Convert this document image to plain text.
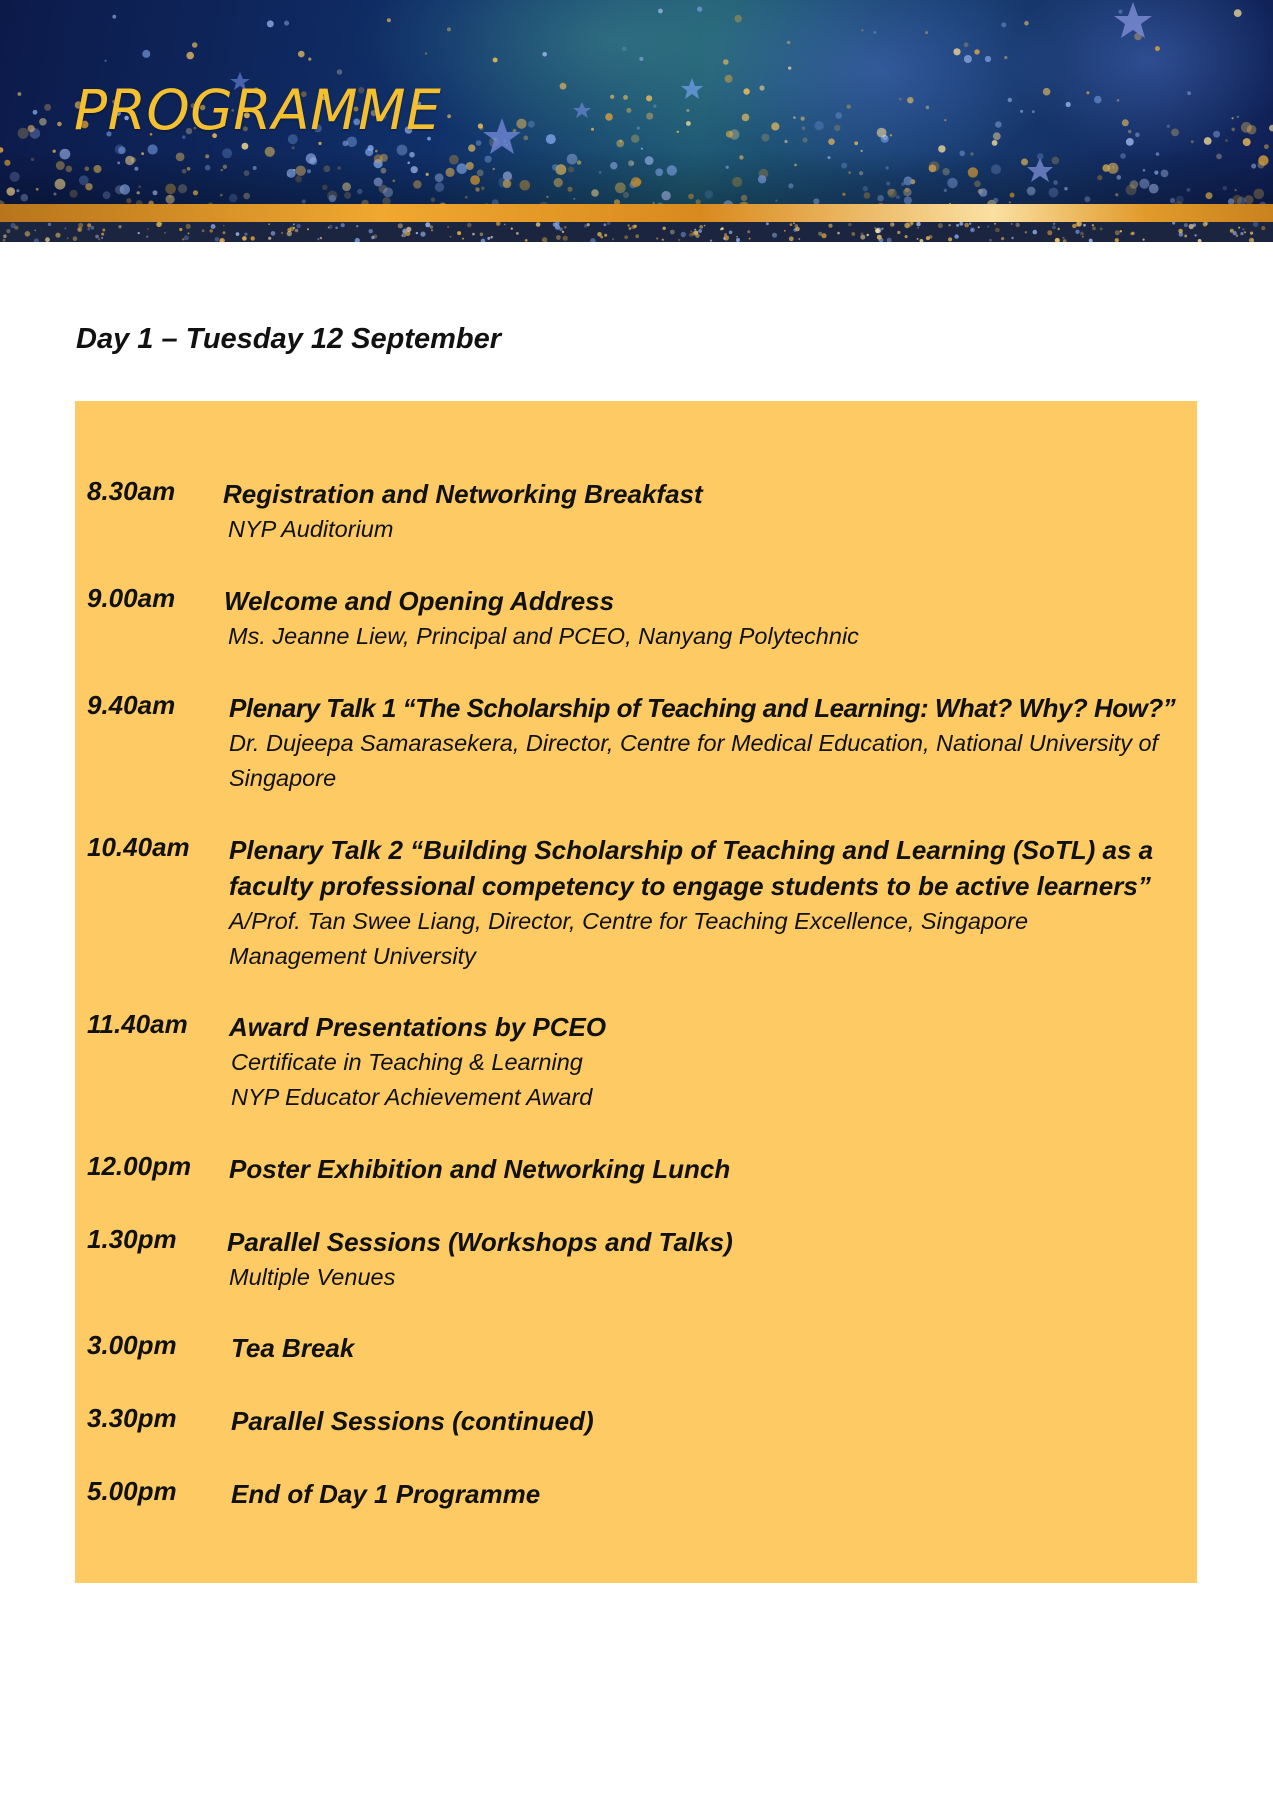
PROGRAMME
Day 1 – Tuesday 12 September
8.30am Registration and Networking Breakfast
NYP Auditorium
9.00am Welcome and Opening Address
Ms. Jeanne Liew, Principal and PCEO, Nanyang Polytechnic
9.40am Plenary Talk 1 “The Scholarship of Teaching and Learning: What? Why? How?”
Dr. Dujeepa Samarasekera, Director, Centre for Medical Education, National University of Singapore
10.40am Plenary Talk 2 “Building Scholarship of Teaching and Learning (SoTL) as a faculty professional competency to engage students to be active learners”
A/Prof. Tan Swee Liang, Director, Centre for Teaching Excellence, Singapore Management University
11.40am Award Presentations by PCEO
Certificate in Teaching & Learning
NYP Educator Achievement Award
12.00pm Poster Exhibition and Networking Lunch
1.30pm Parallel Sessions (Workshops and Talks)
Multiple Venues
3.00pm Tea Break
3.30pm Parallel Sessions (continued)
5.00pm End of Day 1 Programme
